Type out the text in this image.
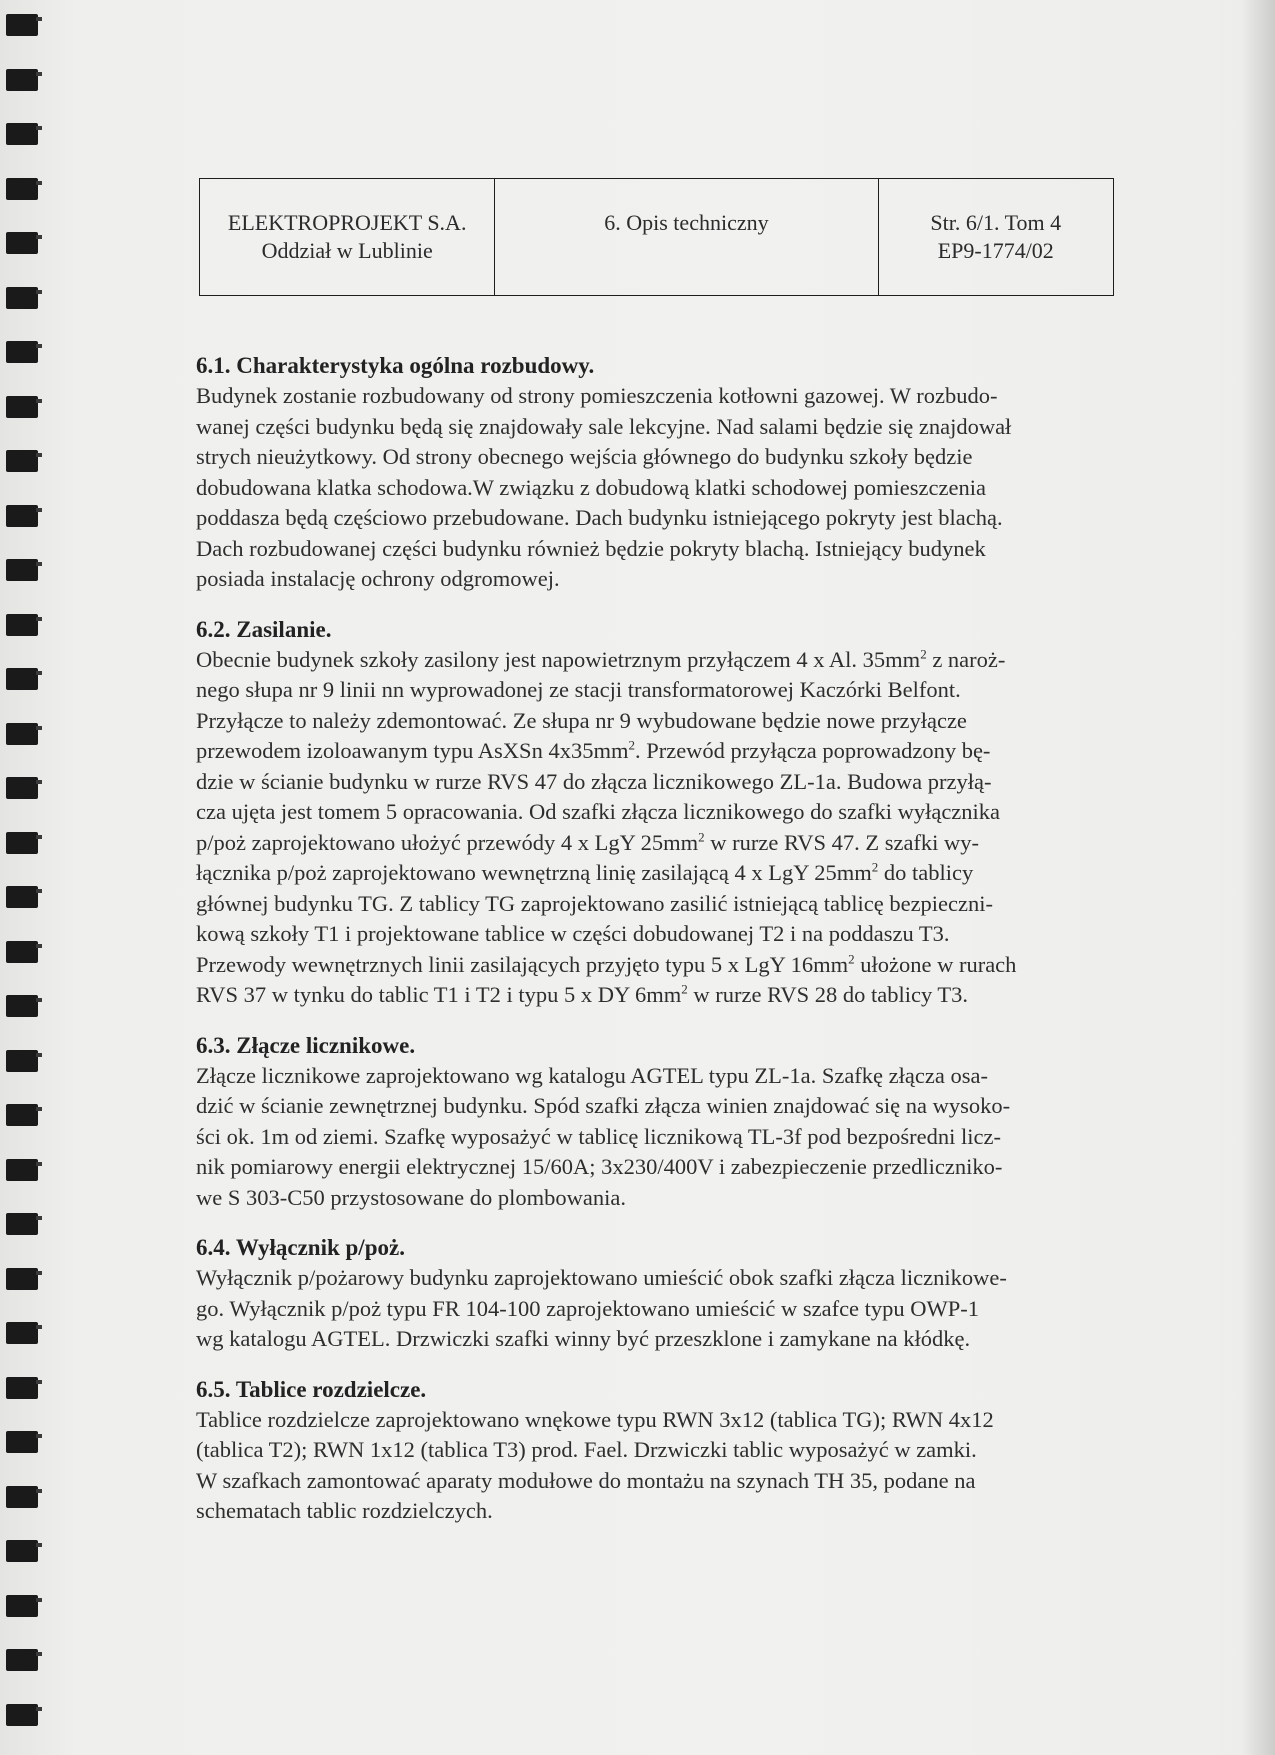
ELEKTROPROJEKT S.A.
Oddział w Lublinie
6. Opis techniczny	Str. 6/1. Tom 4
EP9-1774/02
6.1. Charakterystyka ogólna rozbudowy.
Budynek zostanie rozbudowany od strony pomieszczenia kotłowni gazowej. W rozbudo-
wanej części budynku będą się znajdowały sale lekcyjne. Nad salami będzie się znajdował
strych nieużytkowy. Od strony obecnego wejścia głównego do budynku szkoły będzie
dobudowana klatka schodowa.W związku z dobudową klatki schodowej pomieszczenia
poddasza będą częściowo przebudowane. Dach budynku istniejącego pokryty jest blachą.
Dach rozbudowanej części budynku również będzie pokryty blachą. Istniejący budynek
posiada instalację ochrony odgromowej.
6.2. Zasilanie.
Obecnie budynek szkoły zasilony jest napowietrznym przyłączem 4 x Al. $35mm^2$ z naroż-
nego słupa nr 9 linii nn wyprowadonej ze stacji transformatorowej Kaczórki Belfont.
Przyłącze to należy zdemontować. Ze słupa nr 9 wybudowane będzie nowe przyłącze
przewodem izoloawanym typu AsXSn $4x35mm^2$. Przewód przyłącza poprowadzony bę-
dzie w ścianie budynku w rurze RVS 47 do złącza licznikowego ZL-1a. Budowa przyłą-
cza ujęta jest tomem 5 opracowania. Od szafki złącza licznikowego do szafki wyłącznika
p/poż zaprojektowano ułożyć przewódy 4 x LgY $25mm^2$ w rurze RVS 47. Z szafki wy-
łącznika p/poż zaprojektowano wewnętrzną linię zasilającą 4 x LgY $25mm^2$ do tablicy
głównej budynku TG. Z tablicy TG zaprojektowano zasilić istniejącą tablicę bezpieczni-
kową szkoły T1 i projektowane tablice w części dobudowanej T2 i na poddaszu T3.
Przewody wewnętrznych linii zasilających przyjęto typu 5 x LgY $16mm^2$ ułożone w rurach
RVS 37 w tynku do tablic T1 i T2 i typu 5 x DY $6mm^2$ w rurze RVS 28 do tablicy T3.
6.3. Złącze licznikowe.
Złącze licznikowe zaprojektowano wg katalogu AGTEL typu ZL-1a. Szafkę złącza osa-
dzić w ścianie zewnętrznej budynku. Spód szafki złącza winien znajdować się na wysoko-
ści ok. 1m od ziemi. Szafkę wyposażyć w tablicę licznikową TL-3f pod bezpośredni licz-
nik pomiarowy energii elektrycznej 15/60A; 3x230/400V i zabezpieczenie przedliczniko-
we S 303-C50 przystosowane do plombowania.
6.4. Wyłącznik p/poż.
Wyłącznik p/pożarowy budynku zaprojektowano umieścić obok szafki złącza licznikowe-
go. Wyłącznik p/poż typu FR 104-100 zaprojektowano umieścić w szafce typu OWP-1
wg katalogu AGTEL. Drzwiczki szafki winny być przeszklone i zamykane na kłódkę.
6.5. Tablice rozdzielcze.
Tablice rozdzielcze zaprojektowano wnękowe typu RWN 3x12 (tablica TG); RWN 4x12
(tablica T2); RWN 1x12 (tablica T3) prod. Fael. Drzwiczki tablic wyposażyć w zamki.
W szafkach zamontować aparaty modułowe do montażu na szynach TH 35, podane na
schematach tablic rozdzielczych.
